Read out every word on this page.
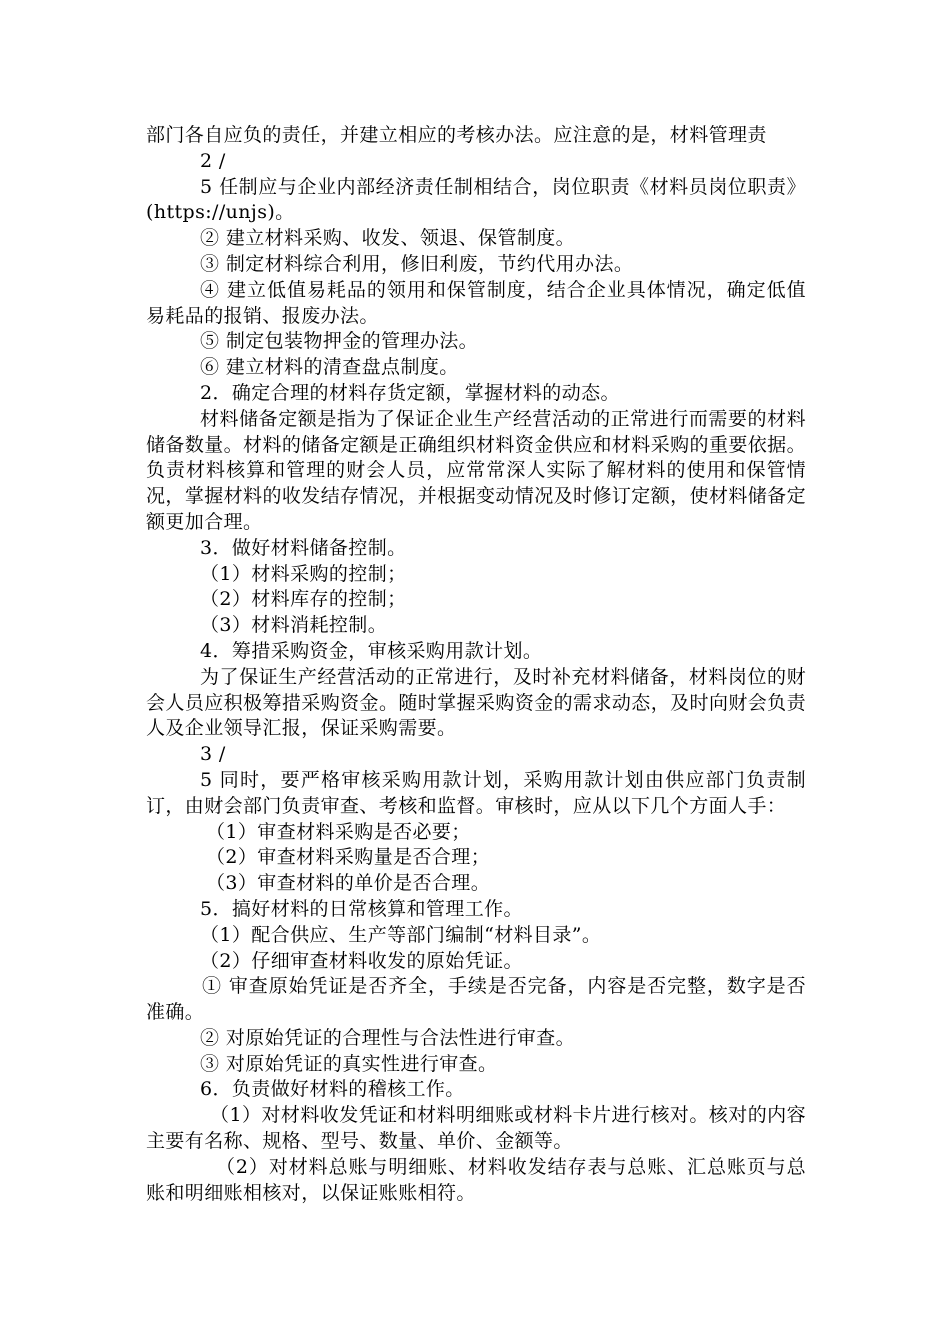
部门各自应负的责任，并建立相应的考核办法。应注意的是，材料管理责

2 /

5 任制应与企业内部经济责任制相结合，岗位职责《材料员岗位职责》(https://unjs)。

② 建立材料采购、收发、领退、保管制度。

③ 制定材料综合利用，修旧利废，节约代用办法。

④ 建立低值易耗品的领用和保管制度，结合企业具体情况，确定低值易耗品的报销、报废办法。

⑤ 制定包装物押金的管理办法。

⑥ 建立材料的清查盘点制度。

2．确定合理的材料存货定额，掌握材料的动态。

材料储备定额是指为了保证企业生产经营活动的正常进行而需要的材料储备数量。材料的储备定额是正确组织材料资金供应和材料采购的重要依据。负责材料核算和管理的财会人员，应常常深人实际了解材料的使用和保管情况，掌握材料的收发结存情况，并根据变动情况及时修订定额，使材料储备定额更加合理。

3．做好材料储备控制。

（1）材料采购的控制；

（2）材料库存的控制；

（3）材料消耗控制。

4．筹措采购资金，审核采购用款计划。

为了保证生产经营活动的正常进行，及时补充材料储备，材料岗位的财会人员应积极筹措采购资金。随时掌握采购资金的需求动态，及时向财会负责人及企业领导汇报，保证采购需要。

3 /

5 同时，要严格审核采购用款计划，采购用款计划由供应部门负责制订，由财会部门负责审查、考核和监督。审核时，应从以下几个方面人手：

（1）审查材料采购是否必要；

（2）审查材料采购量是否合理；

（3）审查材料的单价是否合理。

5．搞好材料的日常核算和管理工作。

（1）配合供应、生产等部门编制“材料目录”。

（2）仔细审查材料收发的原始凭证。

① 审查原始凭证是否齐全，手续是否完备，内容是否完整，数字是否准确。

② 对原始凭证的合理性与合法性进行审查。

③ 对原始凭证的真实性进行审查。

6．负责做好材料的稽核工作。

（1）对材料收发凭证和材料明细账或材料卡片进行核对。核对的内容主要有名称、规格、型号、数量、单价、金额等。

（2）对材料总账与明细账、材料收发结存表与总账、汇总账页与总账和明细账相核对，以保证账账相符。
